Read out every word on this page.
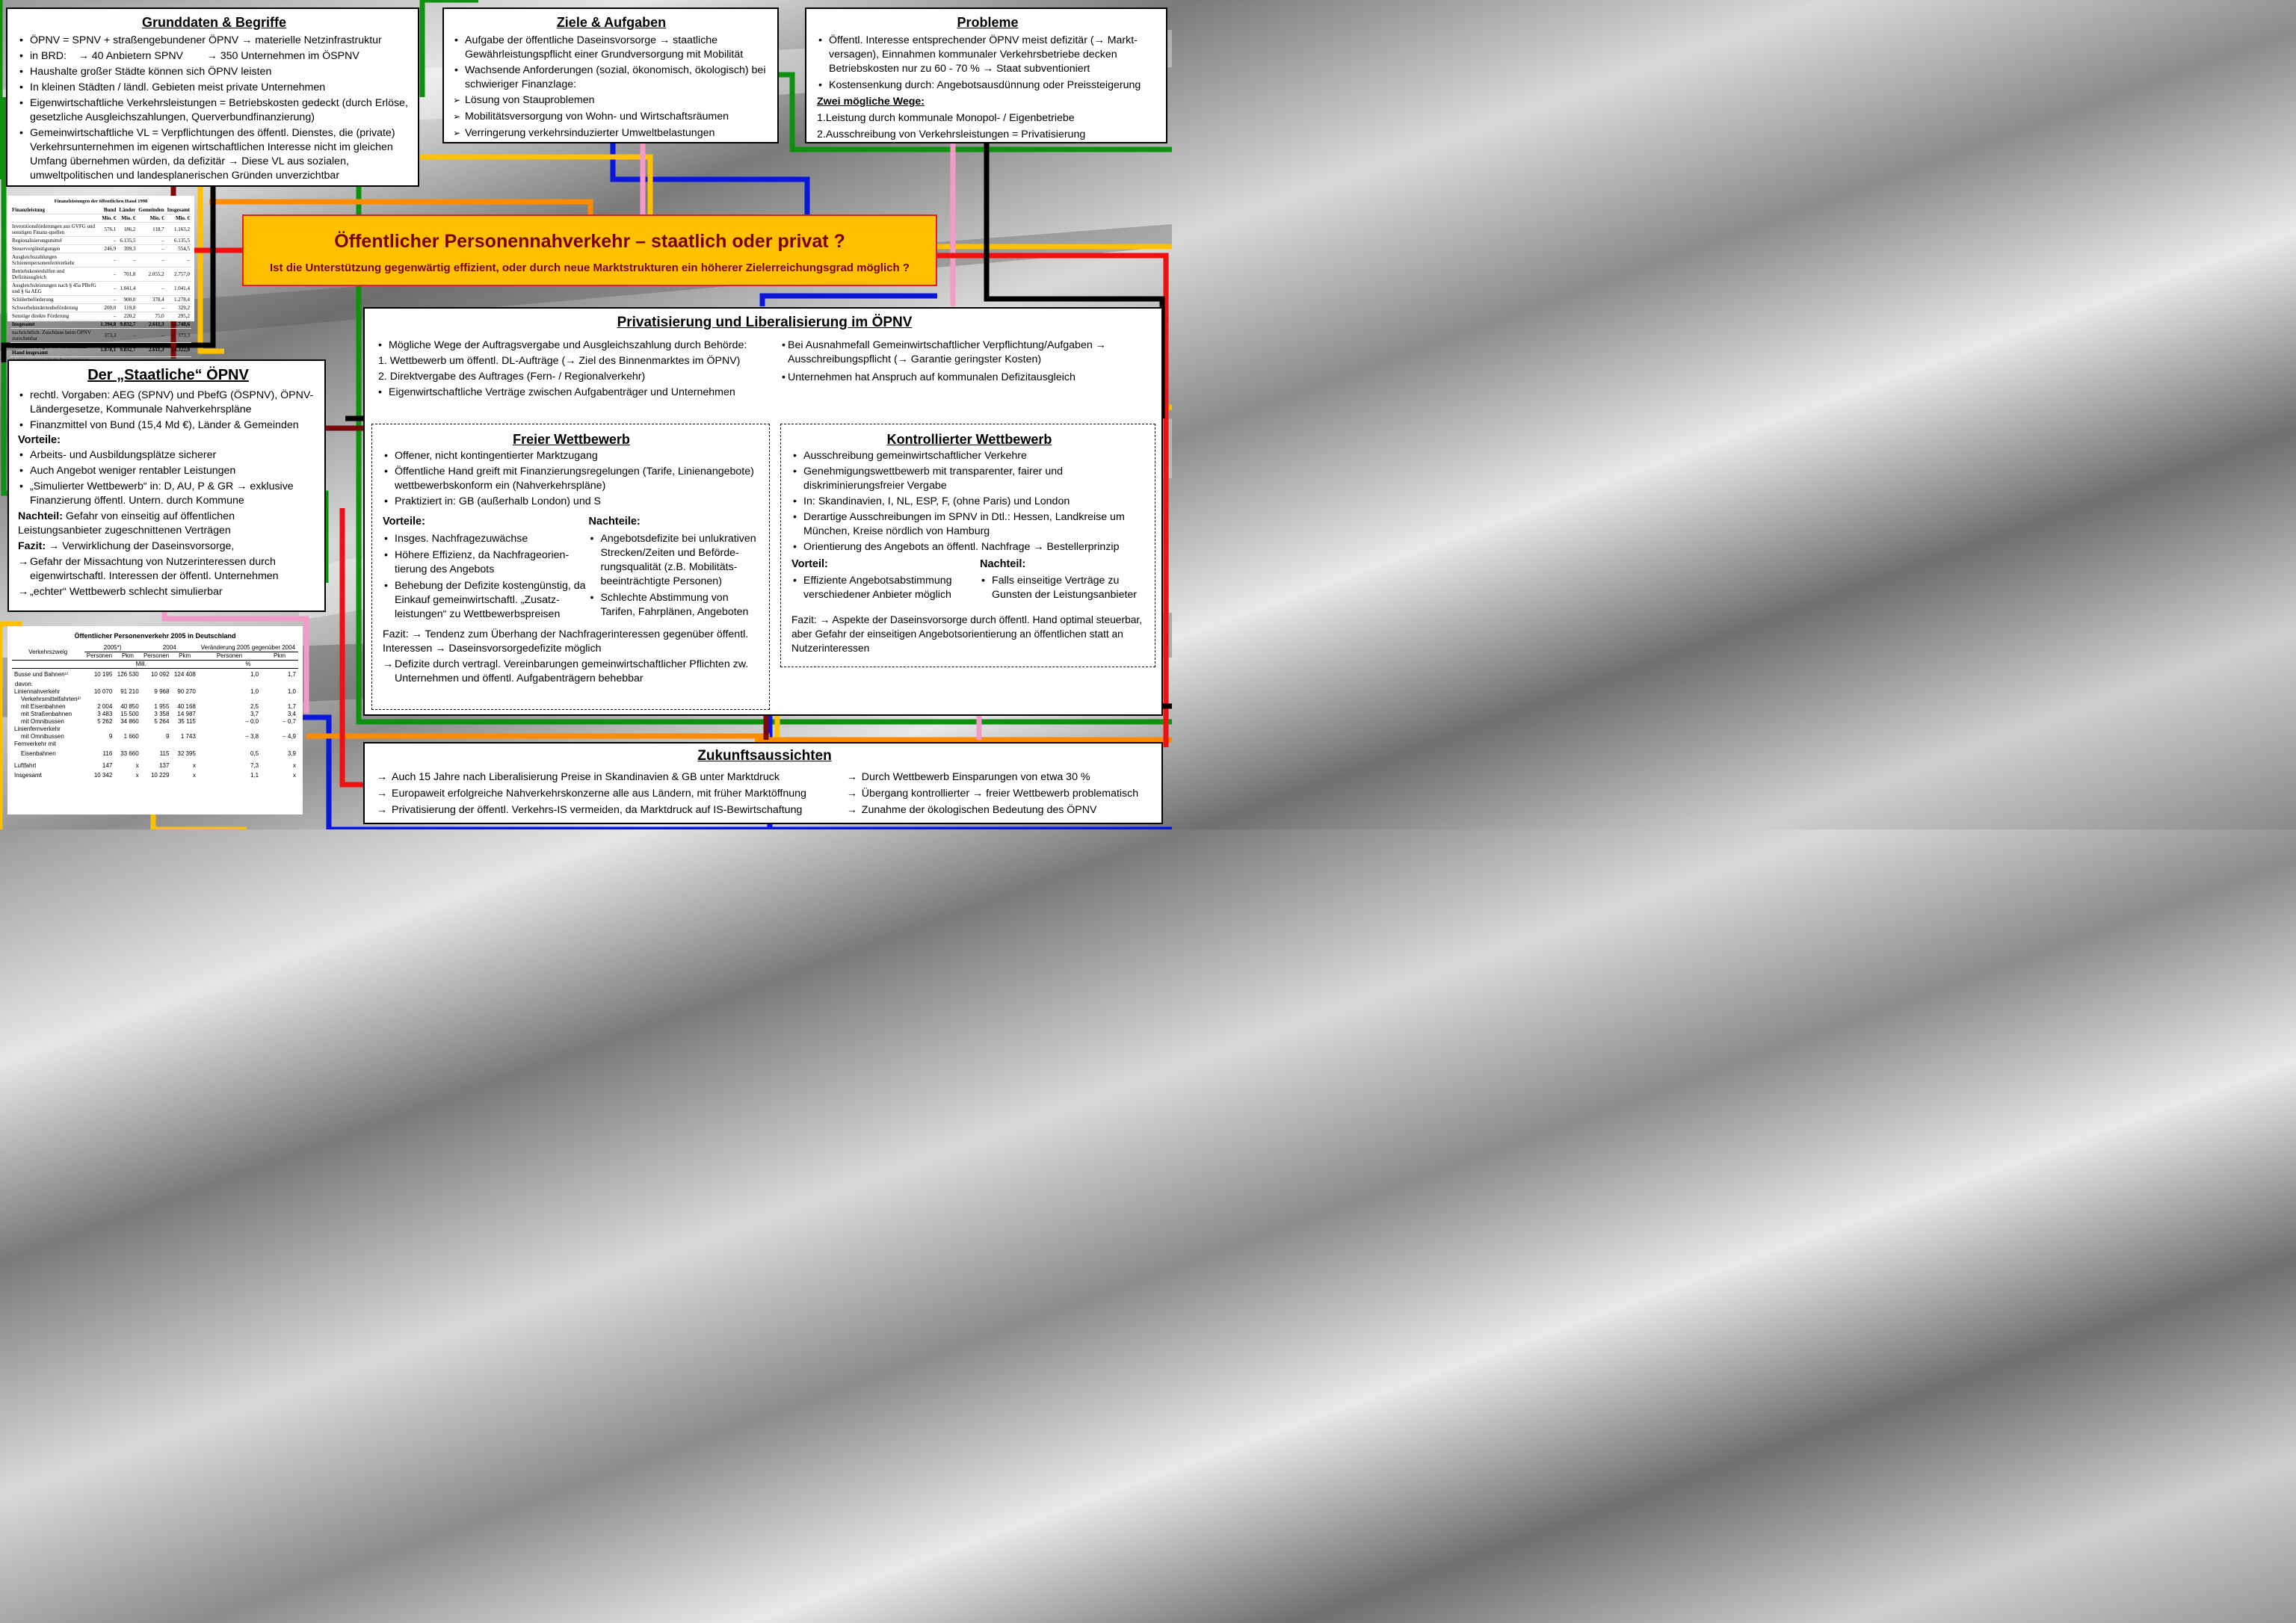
Grunddaten & Begriffe
• ÖPNV = SPNV + straßengebundener ÖPNV → materielle Netzinfrastruktur
• in BRD:    → 40 Anbietern SPNV        → 350 Unternehmen im ÖSPNV
• Haushalte großer Städte können sich ÖPNV leisten
• In kleinen Städten / ländl. Gebieten meist private Unternehmen
• Eigenwirtschaftliche Verkehrsleistungen = Betriebskosten gedeckt (durch Erlöse, gesetzliche Ausgleichszahlungen, Querverbundfinanzierung)
• Gemeinwirtschaftliche VL = Verpflichtungen des öffentl. Dienstes, die (private) Verkehrsunternehmen im eigenen wirtschaftlichen Interesse nicht im gleichen Umfang übernehmen würden, da defizitär → Diese VL aus sozialen, umweltpolitischen und landesplanerischen Gründen unverzichtbar
Ziele & Aufgaben
• Aufgabe der öffentliche Daseinsvorsorge → staatliche Gewährleistungspflicht einer Grundversorgung mit Mobilität
• Wachsende Anforderungen (sozial, ökonomisch, ökologisch) bei schwieriger Finanzlage:
➢ Lösung von Stauproblemen
➢ Mobilitätsversorgung von Wohn- und Wirtschaftsräumen
➢ Verringerung verkehrsinduzierter Umweltbelastungen
Probleme
• Öffentl. Interesse entsprechender ÖPNV meist defizitär (→ Markt-versagen), Einnahmen kommunaler Verkehrsbetriebe decken Betriebskosten nur zu 60 - 70 % → Staat subventioniert
• Kostensenkung durch: Angebotsausdünnung oder Preissteigerung
Zwei mögliche Wege:
1.Leistung durch kommunale Monopol- / Eigenbetriebe
2.Ausschreibung von Verkehrsleistungen = Privatisierung
Öffentlicher Personennahverkehr – staatlich oder privat ?
Ist die Unterstützung gegenwärtig effizient, oder durch neue Marktstrukturen ein höherer Zielerreichungsgrad möglich ?
Finanzleistungen der öffentlichen Hand 1998
Finanzleistung	Bund	Länder	Gemeinden	Insgesamt
	Mio. €	Mio. €	Mio. €	Mio. €
Investitionsförderungen aus GVFG und sonstigen Finanz-quellen	576,1	186,2	118,7	1.163,2
Regionalisierungsmittel	–	6.135,5	–	6.135,5
Steuervergünstigungen	246,9	399,3	–	554,5
Ausgleichszahlungen Schienenpersonenfernverkehr	–	–	–	–
Betriebskostenhilfen und Defizitausgleich	–	701,8	2.055,2	2.757,0
Ausgleichsleistungen nach § 45a PBefG und § 6a AEG	–	1.041,4	–	1.041,4
Schülerbeförderung	–	900,0	378,4	1.278,4
Schwerbehindertenbeförderung	200,0	119,8	–	329,2
Sonstige direkte Förderung	–	220,2	75,0	295,2
Insgesamt	1.394,8	9.832,7	2.611,3	13.748,6
nachrichtlich: Zuschüsse beim ÖPNV zurechenbar	373,3	–	–	373,3
Finanzleistungen der öffentlichen Hand insgesamt	1.878,1	9.832,7	2.611,3	14.322,0
Der „Staatliche“ ÖPNV
• rechtl. Vorgaben: AEG (SPNV) und PbefG (ÖSPNV), ÖPNV-Ländergesetze, Kommunale Nahverkehrspläne
• Finanzmittel von Bund (15,4 Md €), Länder & Gemeinden
Vorteile:
• Arbeits- und Ausbildungsplätze sicherer
• Auch Angebot weniger rentabler Leistungen
• „Simulierter Wettbewerb“ in: D, AU, P & GR → exklusive Finanzierung öffentl. Untern. durch Kommune
Nachteil: Gefahr von einseitig auf öffentlichen Leistungsanbieter zugeschnittenen Verträgen
Fazit: → Verwirklichung der Daseinsvorsorge,
→ Gefahr der Missachtung von Nutzerinteressen durch eigenwirtschaftl. Interessen der öffentl. Unternehmen
→ „echter“ Wettbewerb schlecht simulierbar
Öffentlicher Personenverkehr 2005 in Deutschland
Verkehrszweig	2005*)		2004		Veränderung 2005 gegenüber 2004	
	Personen	Pkm	Personen	Pkm	Personen	Pkm
	Mill.				%	
Busse und Bahnen¹⁾	10 195	126 530	10 092	124 408	1,0	1,7
davon:						
Liniennahverkehr	10 070	91 210	9 968	90 270	1,0	1,0
Verkehrsmittelfahrten²⁾						
mit Eisenbahnen	2 004	40 850	1 955	40 168	2,5	1,7
mit Straßenbahnen	3 483	15 500	3 358	14 987	3,7	3,4
mit Omnibussen	5 262	34 860	5 264	35 115	– 0,0	– 0,7
Linienfernverkehr						
mit Omnibussen	9	1 660	9	1 743	– 3,8	– 4,9
Fernverkehr mit						
Eisenbahnen	116	33 660	115	32 395	0,5	3,9
Luftfahrt	147	x	137	x	7,3	x
Insgesamt	10 342	x	10 229	x	1,1	x
Privatisierung und Liberalisierung im ÖPNV
• Mögliche Wege der Auftragsvergabe und Ausgleichszahlung durch Behörde:
1. Wettbewerb um öffentl. DL-Aufträge (→ Ziel des Binnenmarktes im ÖPNV)
2. Direktvergabe des Auftrages (Fern- / Regionalverkehr)
• Eigenwirtschaftliche Verträge zwischen Aufgabenträger und Unternehmen
• Bei Ausnahmefall Gemeinwirtschaftlicher Verpflichtung/Aufgaben → Ausschreibungspflicht (→ Garantie geringster Kosten)
• Unternehmen hat Anspruch auf kommunalen Defizitausgleich
Freier Wettbewerb
• Offener, nicht kontingentierter Marktzugang
• Öffentliche Hand greift mit Finanzierungsregelungen (Tarife, Linienangebote) wettbewerbskonform ein (Nahverkehrspläne)
• Praktiziert in: GB (außerhalb London) und S
Vorteile:
• Insges. Nachfragezuwächse
• Höhere Effizienz, da Nachfrageorien-tierung des Angebots
• Behebung der Defizite kostengünstig, da Einkauf gemeinwirtschaftl. „Zusatz-leistungen“ zu Wettbewerbspreisen
Nachteile:
• Angebotsdefizite bei unlukrativen Strecken/Zeiten und Beförde-rungsqualität (z.B. Mobilitäts-beeinträchtigte Personen)
• Schlechte Abstimmung von Tarifen, Fahrplänen, Angeboten
Fazit: → Tendenz zum Überhang der Nachfragerinteressen gegenüber öffentl. Interessen → Daseinsvorsorgedefizite möglich
→ Defizite durch vertragl. Vereinbarungen gemeinwirtschaftlicher Pflichten zw. Unternehmen und öffentl. Aufgabenträgern behebbar
Kontrollierter Wettbewerb
• Ausschreibung gemeinwirtschaftlicher Verkehre
• Genehmigungswettbewerb mit transparenter, fairer und diskriminierungsfreier Vergabe
• In: Skandinavien, I, NL, ESP, F, (ohne Paris) und London
• Derartige Ausschreibungen im SPNV in Dtl.: Hessen, Landkreise um München, Kreise nördlich von Hamburg
• Orientierung des Angebots an öffentl. Nachfrage → Bestellerprinzip
Vorteil:
• Effiziente Angebotsabstimmung verschiedener Anbieter möglich
Nachteil:
• Falls einseitige Verträge zu Gunsten der Leistungsanbieter
Fazit: → Aspekte der Daseinsvorsorge durch öffentl. Hand optimal steuerbar, aber Gefahr der einseitigen Angebotsorientierung an öffentlichen statt an Nutzerinteressen
Zukunftsaussichten
→ Auch 15 Jahre nach Liberalisierung Preise in Skandinavien & GB unter Marktdruck
→ Europaweit erfolgreiche Nahverkehrskonzerne alle aus Ländern, mit früher Marktöffnung
→ Privatisierung der öffentl. Verkehrs-IS vermeiden, da Marktdruck auf IS-Bewirtschaftung
→ Durch Wettbewerb Einsparungen von etwa 30 %
→ Übergang kontrollierter → freier Wettbewerb problematisch
→ Zunahme der ökologischen Bedeutung des ÖPNV
